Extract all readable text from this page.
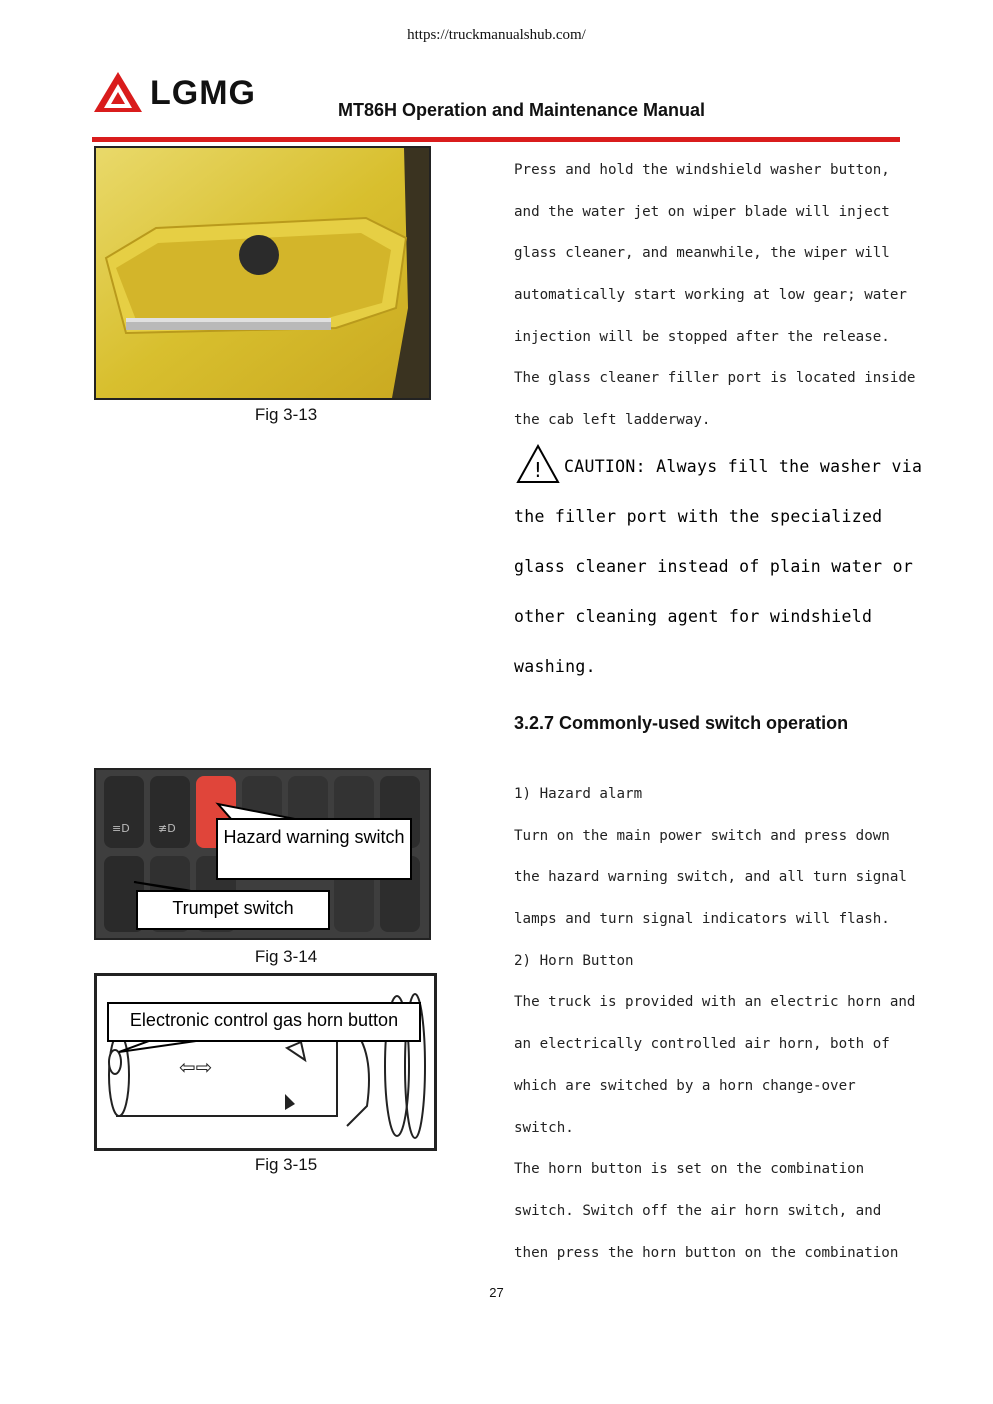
https://truckmanualshub.com/
LGMG	MT86H Operation and Maintenance Manual
Fig 3-13
≡D	≢D	Hazard warning switch
Trumpet switch
Fig 3-14
⇦⇨
Electronic control gas horn button
Fig 3-15
Press and hold the windshield washer button,
and the water jet on wiper blade will inject
glass cleaner, and meanwhile, the wiper will
automatically start working at low gear; water
injection will be stopped after the release.
The glass cleaner filler port is located inside
the cab left ladderway.
! CAUTION: Always fill the washer via
the filler port with the specialized
glass cleaner instead of plain water or
other cleaning agent for windshield
washing.
3.2.7 Commonly-used switch operation
1) Hazard alarm
Turn on the main power switch and press down
the hazard warning switch, and all turn signal
lamps and turn signal indicators will flash.
2) Horn Button
The truck is provided with an electric horn and
an electrically controlled air horn, both of
which are switched by a horn change-over
switch.
The horn button is set on the combination
switch. Switch off the air horn switch, and
then press the horn button on the combination
27
